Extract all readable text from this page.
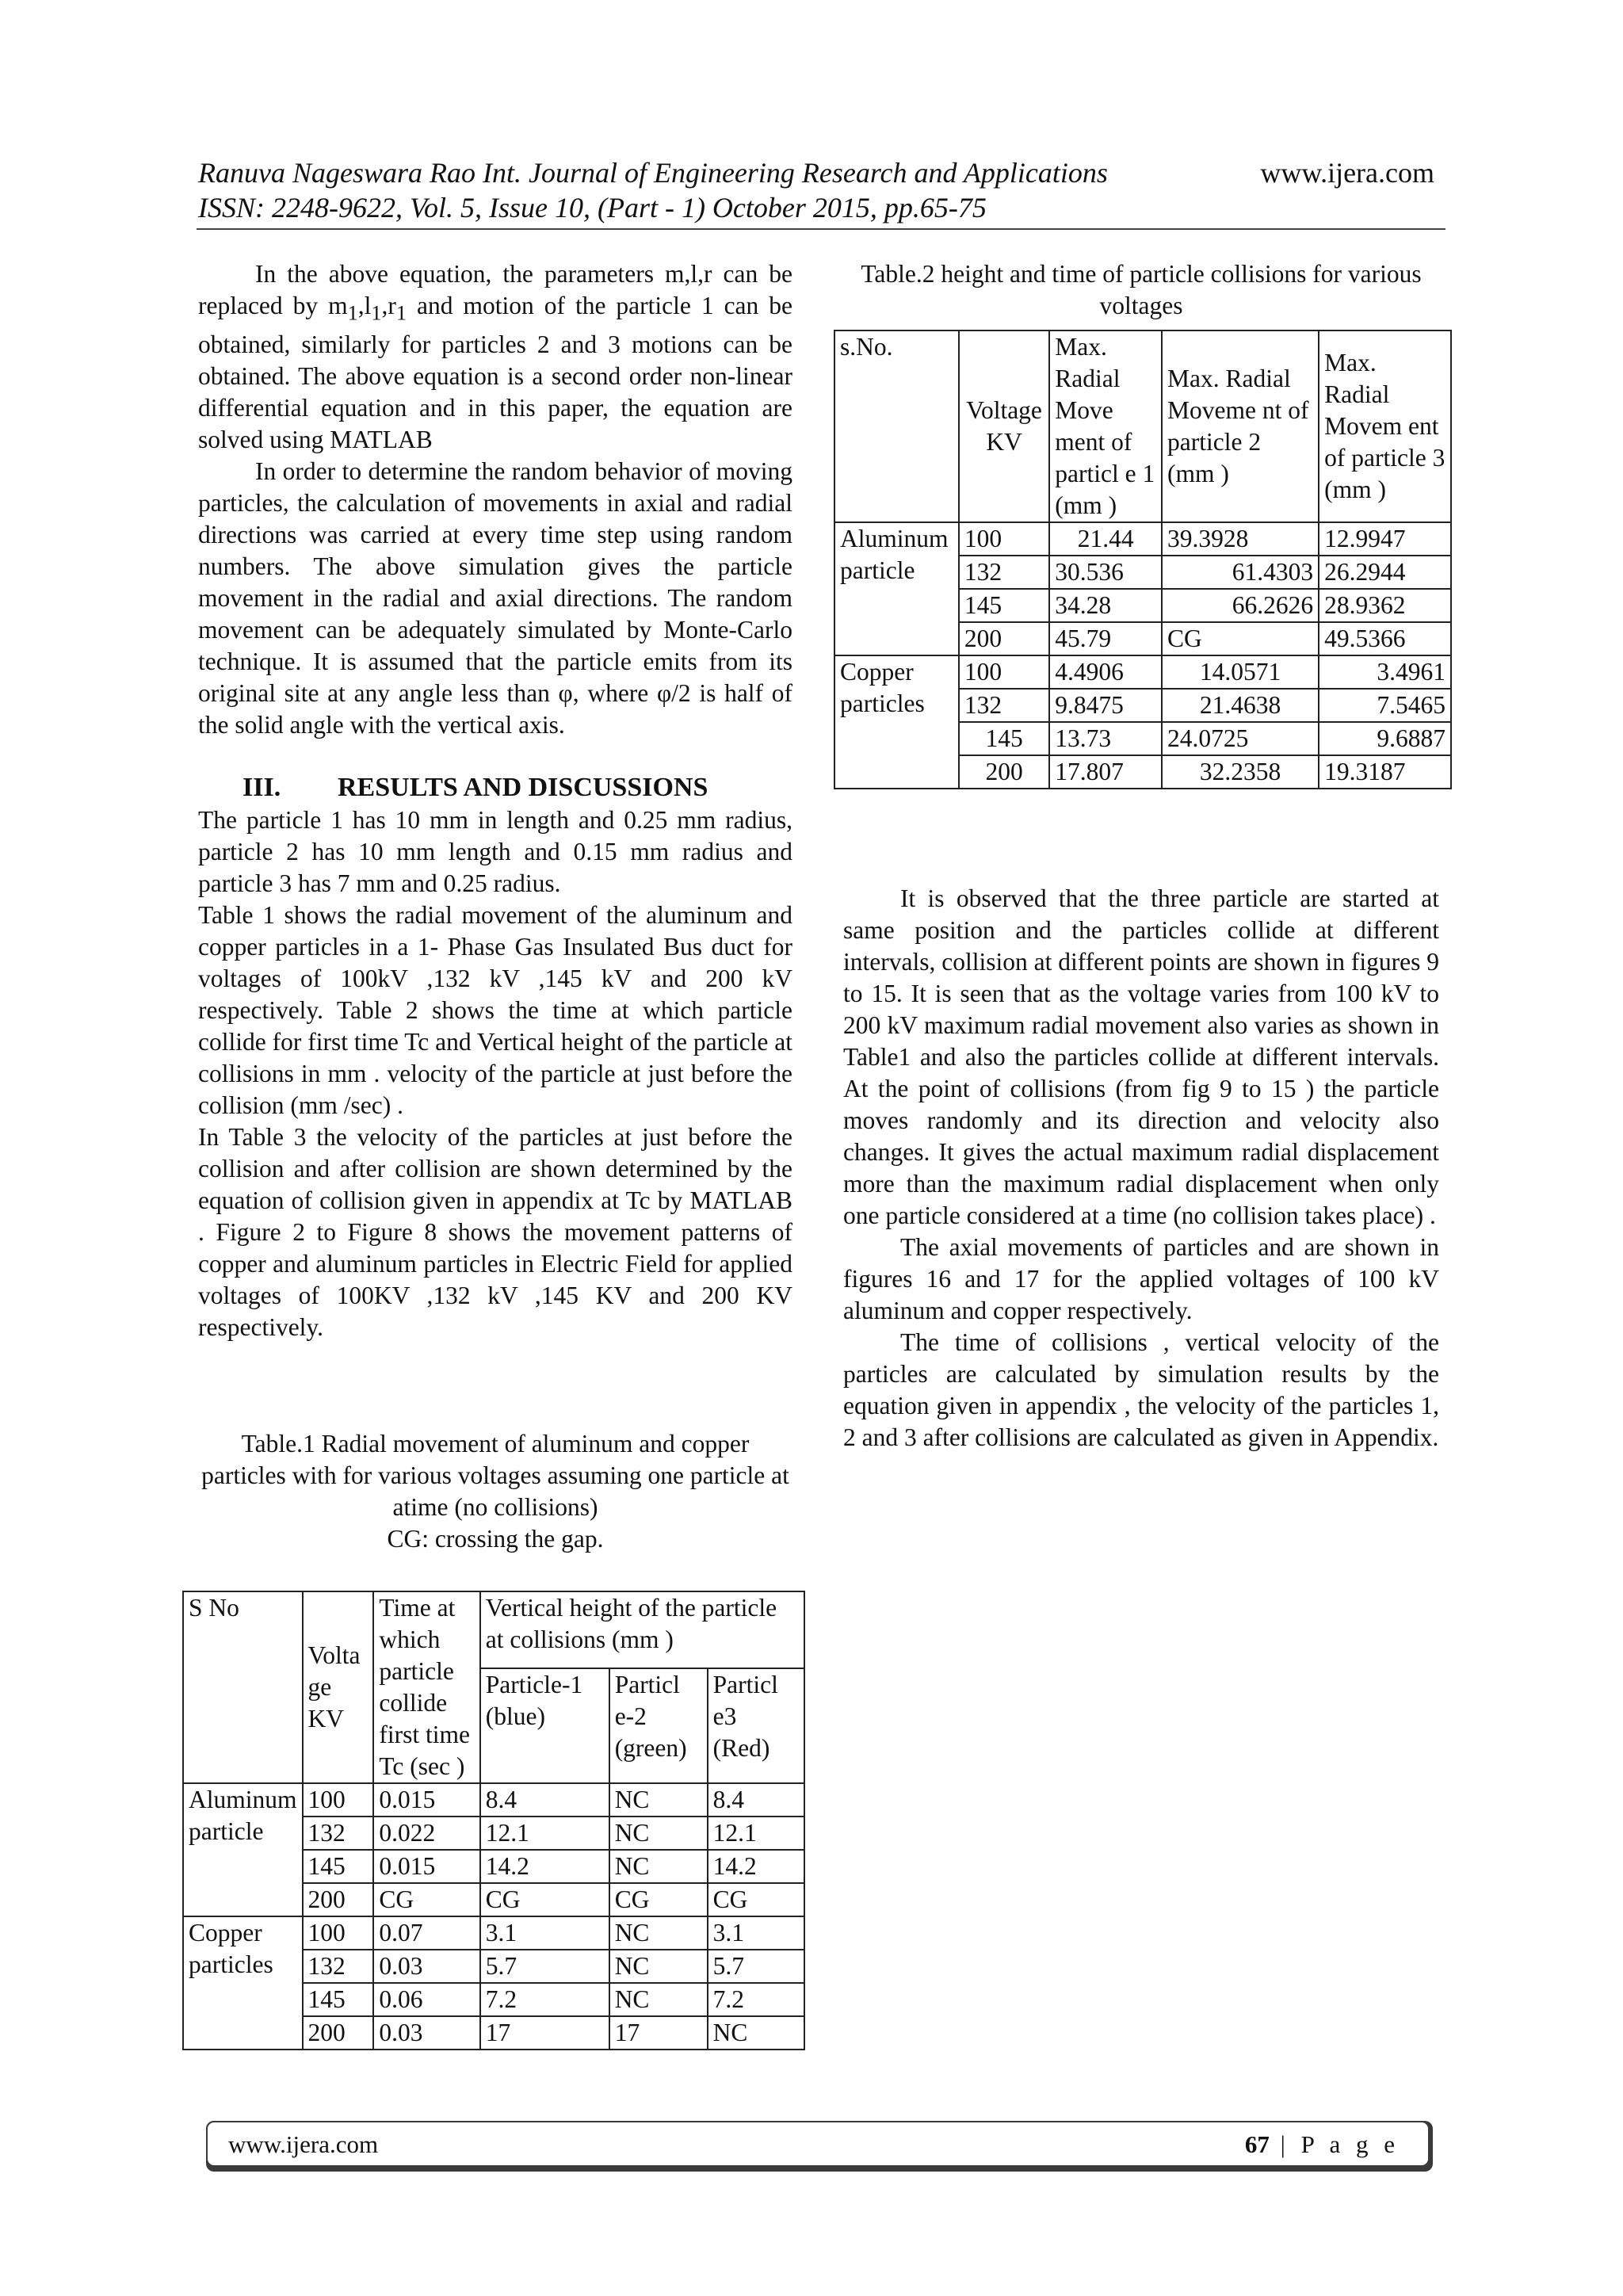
Ranuva Nageswara Rao Int. Journal of Engineering Research and Applications
ISSN: 2248-9622, Vol. 5, Issue 10, (Part - 1) October 2015, pp.65-75
www.ijera.com

In the above equation, the parameters m,l,r can be replaced by $m_1,l_1,r_1$ and motion of the particle 1 can be obtained, similarly for particles 2 and 3 motions can be obtained. The above equation is a second order non-linear differential equation and in this paper, the equation are solved using MATLAB

In order to determine the random behavior of moving particles, the calculation of movements in axial and radial directions was carried at every time step using random numbers. The above simulation gives the particle movement in the radial and axial directions. The random movement can be adequately simulated by Monte-Carlo technique. It is assumed that the particle emits from its original site at any angle less than φ, where φ/2 is half of the solid angle with the vertical axis.

III. RESULTS AND DISCUSSIONS

The particle 1 has 10 mm in length and 0.25 mm radius, particle 2 has 10 mm length and 0.15 mm radius and particle 3 has 7 mm and 0.25 radius.

Table 1 shows the radial movement of the aluminum and copper particles in a 1- Phase Gas Insulated Bus duct for voltages of 100kV ,132 kV ,145 kV and 200 kV respectively. Table 2 shows the time at which particle collide for first time Tc and Vertical height of the particle at collisions in mm . velocity of the particle at just before the collision (mm /sec) .

In Table 3 the velocity of the particles at just before the collision and after collision are shown determined by the equation of collision given in appendix at Tc by MATLAB . Figure 2 to Figure 8 shows the movement patterns of copper and aluminum particles in Electric Field for applied voltages of 100KV ,132 kV ,145 KV and 200 KV respectively.

Table.2 height and time of particle collisions for various voltages
s.No.	Voltage KV	Max. Radial Move ment of particl e 1 (mm )	Max. Radial Moveme nt of particle 2 (mm )	Max. Radial Movem ent of particle 3 (mm )
Aluminum particle	100	21.44	39.3928	12.9947
	132	30.536	61.4303	26.2944
	145	34.28	66.2626	28.9362
	200	45.79	CG	49.5366
Copper particles	100	4.4906	14.0571	3.4961
	132	9.8475	21.4638	7.5465
	145	13.73	24.0725	9.6887
	200	17.807	32.2358	19.3187

It is observed that the three particle are started at same position and the particles collide at different intervals, collision at different points are shown in figures 9 to 15. It is seen that as the voltage varies from 100 kV to 200 kV maximum radial movement also varies as shown in Table1 and also the particles collide at different intervals. At the point of collisions (from fig 9 to 15 ) the particle moves randomly and its direction and velocity also changes. It gives the actual maximum radial displacement more than the maximum radial displacement when only one particle considered at a time (no collision takes place) .

The axial movements of particles and are shown in figures 16 and 17 for the applied voltages of 100 kV aluminum and copper respectively.

The time of collisions , vertical velocity of the particles are calculated by simulation results by the equation given in appendix , the velocity of the particles 1, 2 and 3 after collisions are calculated as given in Appendix.

Table.1 Radial movement of aluminum and copper particles with for various voltages assuming one particle at atime (no collisions)
CG: crossing the gap.
S No	Volta ge KV	Time at which particle collide first time Tc (sec )	Vertical height of the particle at collisions (mm )		
			Particle-1 (blue)	Particl e-2 (green)	Particl e3 (Red)
Aluminum particle	100	0.015	8.4	NC	8.4
	132	0.022	12.1	NC	12.1
	145	0.015	14.2	NC	14.2
	200	CG	CG	CG	CG
Copper particles	100	0.07	3.1	NC	3.1
	132	0.03	5.7	NC	5.7
	145	0.06	7.2	NC	7.2
	200	0.03	17	17	NC
www.ijera.com	67 | P a g e
